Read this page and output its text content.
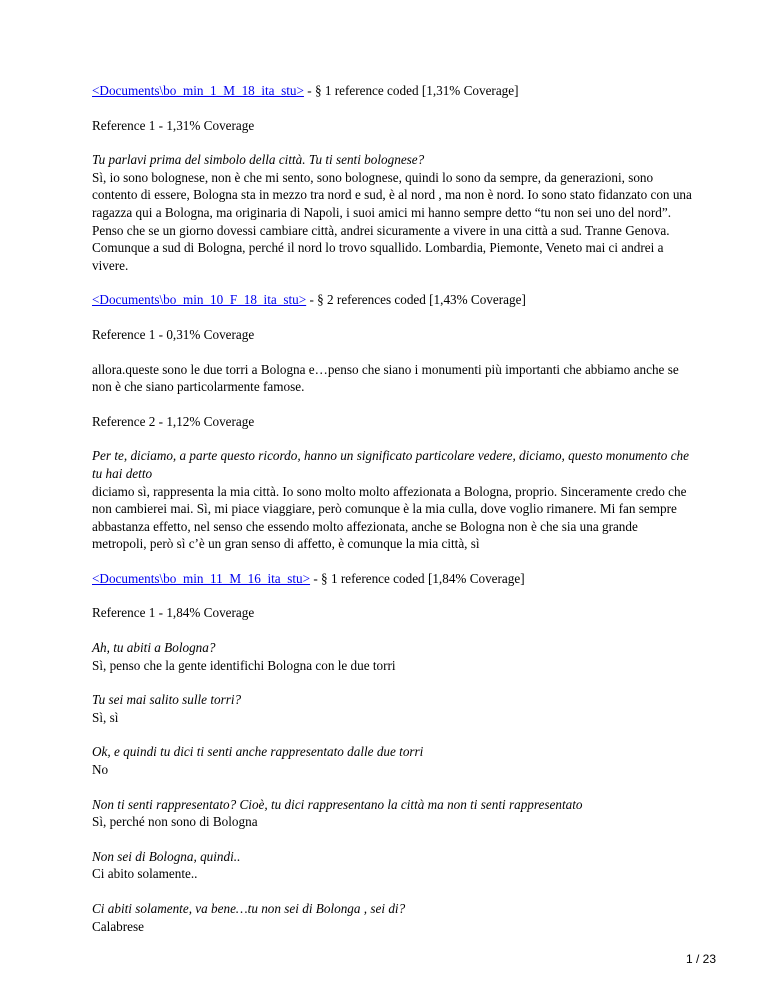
<Documents\bo_min_1_M_18_ita_stu> - § 1 reference coded [1,31% Coverage]
Reference 1 - 1,31% Coverage
Tu parlavi prima del simbolo della città. Tu ti senti bolognese?
Sì, io sono bolognese, non è che mi sento, sono bolognese, quindi lo sono da sempre, da generazioni, sono contento di essere, Bologna sta in mezzo tra nord e sud, è al nord , ma non è nord. Io sono stato fidanzato con una ragazza qui a Bologna, ma originaria di Napoli, i suoi amici mi hanno sempre detto “tu non sei uno del nord”. Penso che se un giorno dovessi cambiare città, andrei sicuramente a vivere in una città a sud. Tranne Genova. Comunque a sud di Bologna, perché il nord lo trovo squallido. Lombardia, Piemonte, Veneto mai ci andrei a vivere.
<Documents\bo_min_10_F_18_ita_stu> - § 2 references coded [1,43% Coverage]
Reference 1 - 0,31% Coverage
allora.queste sono le due torri a Bologna e…penso che siano i monumenti più importanti che abbiamo anche se non è che siano particolarmente famose.
Reference 2 - 1,12% Coverage
Per te, diciamo, a parte questo ricordo, hanno un significato particolare vedere, diciamo, questo monumento che tu hai detto
diciamo sì, rappresenta la mia città. Io sono molto molto affezionata a Bologna, proprio. Sinceramente credo che non cambierei mai. Sì, mi piace viaggiare, però comunque è la mia culla, dove voglio rimanere. Mi fan sempre abbastanza effetto, nel senso che essendo molto affezionata, anche se Bologna non è che sia una grande metropoli, però sì c’è un gran senso di affetto, è comunque la mia città, sì
<Documents\bo_min_11_M_16_ita_stu> - § 1 reference coded [1,84% Coverage]
Reference 1 - 1,84% Coverage
Ah, tu abiti a Bologna?
Sì, penso che la gente identifichi Bologna con le due torri
Tu sei mai salito sulle torri?
Sì, sì
Ok, e quindi tu dici ti senti anche rappresentato dalle due torri
No
Non ti senti rappresentato? Cioè, tu dici rappresentano la città ma non ti senti rappresentato
Sì, perché non sono di Bologna
Non sei di Bologna, quindi..
Ci abito solamente..
Ci abiti solamente, va bene…tu non sei di Bolonga , sei di?
Calabrese
1 / 23
